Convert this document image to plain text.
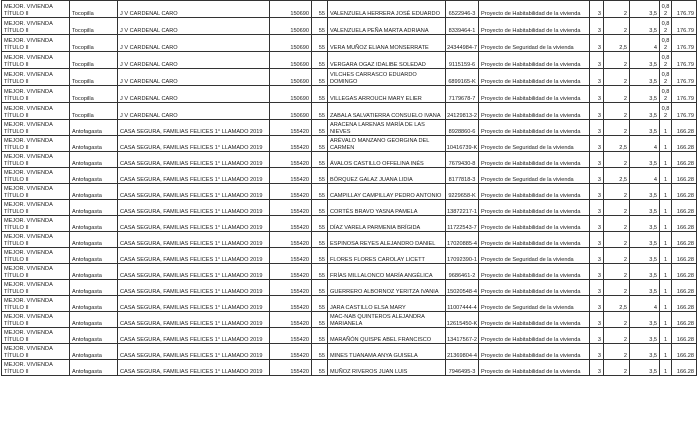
MEJOR. VIVIENDA TÍTULO II	Tocopilla	J V CARDENAL CARO	150690	55	VALENZUELA HERRERA JOSÉ EDUARDO	6522946-3	Proyecto de Habitabilidad de la vivienda	3	2	3,5	0,8 2	176.79
MEJOR. VIVIENDA TÍTULO II	Tocopilla	J V CARDENAL CARO	150690	55	VALENZUELA PEÑA MARTA ADRIANA	8339464-1	Proyecto de Habitabilidad de la vivienda	3	2	3,5	0,8 2	176.79
MEJOR. VIVIENDA TÍTULO II	Tocopilla	J V CARDENAL CARO	150690	55	VERA MUÑOZ ELIANA MONSERRATE	24344984-7	Proyecto de Seguridad de la vivienda	3	2,5	4	0,8 2	176.79
MEJOR. VIVIENDA TÍTULO II	Tocopilla	J V CARDENAL CARO	150690	55	VERGARA OGAZ IDALIBE SOLEDAD	9115159-6	Proyecto de Habitabilidad de la vivienda	3	2	3,5	0,8 2	176.79
MEJOR. VIVIENDA TÍTULO II	Tocopilla	J V CARDENAL CARO	150690	55	VILCHES CARRASCO EDUARDO DOMINGO	6899165-K	Proyecto de Habitabilidad de la vivienda	3	2	3,5	0,8 2	176.79
MEJOR. VIVIENDA TÍTULO II	Tocopilla	J V CARDENAL CARO	150690	55	VILLEGAS ARROUCH MARY ELIER	7179678-7	Proyecto de Habitabilidad de la vivienda	3	2	3,5	0,8 2	176.79
MEJOR. VIVIENDA TÍTULO II	Tocopilla	J V CARDENAL CARO	150690	55	ZABALA SALVATIERRA CONSUELO IVANA	24129813-2	Proyecto de Habitabilidad de la vivienda	3	2	3,5	0,8 2	176.79
MEJOR. VIVIENDA TÍTULO II	Antofagasta	CASA SEGURA, FAMILIAS FELICES 1° LLAMADO 2019	155420	55	ARACENA LARENAS MARÍA DE LAS NIEVES	8928860-6	Proyecto de Habitabilidad de la vivienda	3	2	3,5	1	166.28
MEJOR. VIVIENDA TÍTULO II	Antofagasta	CASA SEGURA, FAMILIAS FELICES 1° LLAMADO 2019	155420	55	ARÉVALO MANZANO GEORGINA DEL CARMEN	10416739-K	Proyecto de Seguridad de la vivienda	3	2,5	4	1	166.28
MEJOR. VIVIENDA TÍTULO II	Antofagasta	CASA SEGURA, FAMILIAS FELICES 1° LLAMADO 2019	155420	55	ÁVALOS CASTILLO OFFELINA INÉS	7679430-8	Proyecto de Habitabilidad de la vivienda	3	2	3,5	1	166.28
MEJOR. VIVIENDA TÍTULO II	Antofagasta	CASA SEGURA, FAMILIAS FELICES 1° LLAMADO 2019	155420	55	BÓRQUEZ GALAZ JUANA LIDIA	8177818-3	Proyecto de Seguridad de la vivienda	3	2,5	4	1	166.28
MEJOR. VIVIENDA TÍTULO II	Antofagasta	CASA SEGURA, FAMILIAS FELICES 1° LLAMADO 2019	155420	55	CAMPILLAY CAMPILLAY PEDRO ANTONIO	9229658-K	Proyecto de Habitabilidad de la vivienda	3	2	3,5	1	166.28
MEJOR. VIVIENDA TÍTULO II	Antofagasta	CASA SEGURA, FAMILIAS FELICES 1° LLAMADO 2019	155420	55	CORTÉS BRAVO YASNA PAMELA	13872217-1	Proyecto de Habitabilidad de la vivienda	3	2	3,5	1	166.28
MEJOR. VIVIENDA TÍTULO II	Antofagasta	CASA SEGURA, FAMILIAS FELICES 1° LLAMADO 2019	155420	55	DÍAZ VARELA PARMENIA BRÍGIDA	11722543-7	Proyecto de Habitabilidad de la vivienda	3	2	3,5	1	166.28
MEJOR. VIVIENDA TÍTULO II	Antofagasta	CASA SEGURA, FAMILIAS FELICES 1° LLAMADO 2019	155420	55	ESPINOSA REYES ALEJANDRO DANIEL	17020885-4	Proyecto de Habitabilidad de la vivienda	3	2	3,5	1	166.28
MEJOR. VIVIENDA TÍTULO II	Antofagasta	CASA SEGURA, FAMILIAS FELICES 1° LLAMADO 2019	155420	55	FLORES FLORES CAROLAY LICETT	17092390-1	Proyecto de Seguridad de la vivienda	3	2	3,5	1	166.28
MEJOR. VIVIENDA TÍTULO II	Antofagasta	CASA SEGURA, FAMILIAS FELICES 1° LLAMADO 2019	155420	55	FRÍAS MILLALONCO MARÍA ANGÉLICA	9686461-2	Proyecto de Habitabilidad de la vivienda	3	2	3,5	1	166.28
MEJOR. VIVIENDA TÍTULO II	Antofagasta	CASA SEGURA, FAMILIAS FELICES 1° LLAMADO 2019	155420	55	GUERRERO ALBORNOZ YERITZA IVANIA	15020548-4	Proyecto de Habitabilidad de la vivienda	3	2	3,5	1	166.28
MEJOR. VIVIENDA TÍTULO II	Antofagasta	CASA SEGURA, FAMILIAS FELICES 1° LLAMADO 2019	155420	55	JARA CASTILLO ELSA MARY	11007444-4	Proyecto de Seguridad de la vivienda	3	2,5	4	1	166.28
MEJOR. VIVIENDA TÍTULO II	Antofagasta	CASA SEGURA, FAMILIAS FELICES 1° LLAMADO 2019	155420	55	MAC-NAB QUINTEROS ALEJANDRA MARIANELA	12615450-K	Proyecto de Habitabilidad de la vivienda	3	2	3,5	1	166.28
MEJOR. VIVIENDA TÍTULO II	Antofagasta	CASA SEGURA, FAMILIAS FELICES 1° LLAMADO 2019	155420	55	MARAÑÓN QUISPE ABEL FRANCISCO	13417567-2	Proyecto de Habitabilidad de la vivienda	3	2	3,5	1	166.28
MEJOR. VIVIENDA TÍTULO II	Antofagasta	CASA SEGURA, FAMILIAS FELICES 1° LLAMADO 2019	155420	55	MINES TUANAMA ANYA GUISELA	21369804-4	Proyecto de Habitabilidad de la vivienda	3	2	3,5	1	166.28
MEJOR. VIVIENDA TÍTULO II	Antofagasta	CASA SEGURA, FAMILIAS FELICES 1° LLAMADO 2019	155420	55	MUÑOZ RIVEROS JUAN LUIS	7946495-3	Proyecto de Habitabilidad de la vivienda	3	2	3,5	1	166.28
